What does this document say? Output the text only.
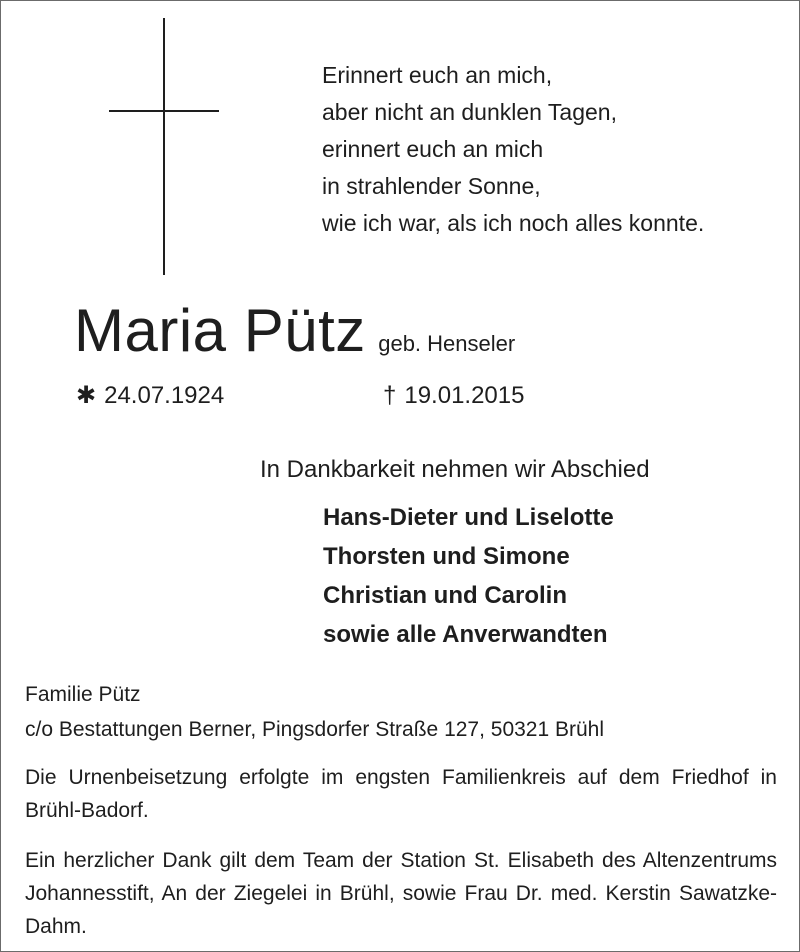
Erinnert euch an mich,
aber nicht an dunklen Tagen,
erinnert euch an mich
in strahlender Sonne,
wie ich war, als ich noch alles konnte.
Maria Pütz geb. Henseler
✱ 24.07.1924	† 19.01.2015
In Dankbarkeit nehmen wir Abschied
Hans-Dieter und Liselotte
Thorsten und Simone
Christian und Carolin
sowie alle Anverwandten
Familie Pütz
c/o Bestattungen Berner, Pingsdorfer Straße 127, 50321 Brühl
Die Urnenbeisetzung erfolgte im engsten Familienkreis auf dem Friedhof in Brühl-Badorf.
Ein herzlicher Dank gilt dem Team der Station St. Elisabeth des Altenzentrums Johannesstift, An der Ziegelei in Brühl, sowie Frau Dr. med. Kerstin Sawatzke-Dahm.
